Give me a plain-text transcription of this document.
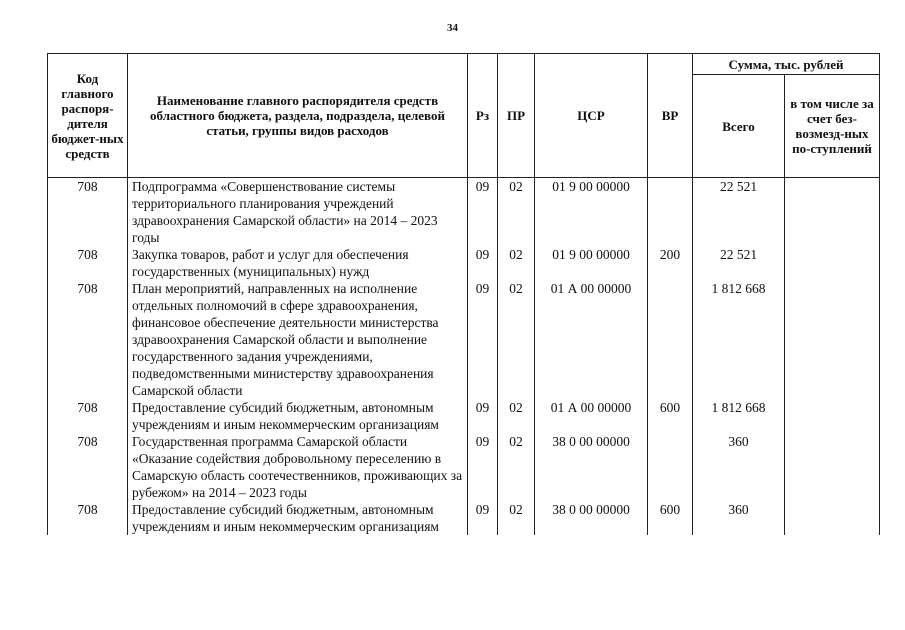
34
Код главного распоря-дителя бюджет-ных средств	Наименование главного распорядителя средств областного бюджета, раздела, подраздела, целевой статьи, группы видов расходов	Рз	ПР	ЦСР	ВР	Сумма, тыс. рублей	
						Всего	в том числе за счет без-возмезд-ных по-ступлений
708	Подпрограмма «Совершенствование системы территориального планирования учреждений здравоохранения Самарской области» на 2014 – 2023 годы	09	02	01 9 00 00000		22 521	
708	Закупка товаров, работ и услуг для обеспечения государственных (муниципальных) нужд	09	02	01 9 00 00000	200	22 521	
708	План мероприятий, направленных на исполнение отдельных полномочий в сфере здравоохранения, финансовое обеспечение деятельности министерства здравоохранения Самарской области и выполнение государственного задания учреждениями, подведомственными министерству здравоохранения Самарской области	09	02	01 А 00 00000		1 812 668	
708	Предоставление субсидий бюджетным, автономным учреждениям и иным некоммерческим организациям	09	02	01 А 00 00000	600	1 812 668	
708	Государственная программа Самарской области «Оказание содействия добровольному переселению в Самарскую область соотечественников, проживающих за рубежом» на 2014 – 2023 годы	09	02	38 0 00 00000		360	
708	Предоставление субсидий бюджетным, автономным учреждениям и иным некоммерческим организациям	09	02	38 0 00 00000	600	360	
